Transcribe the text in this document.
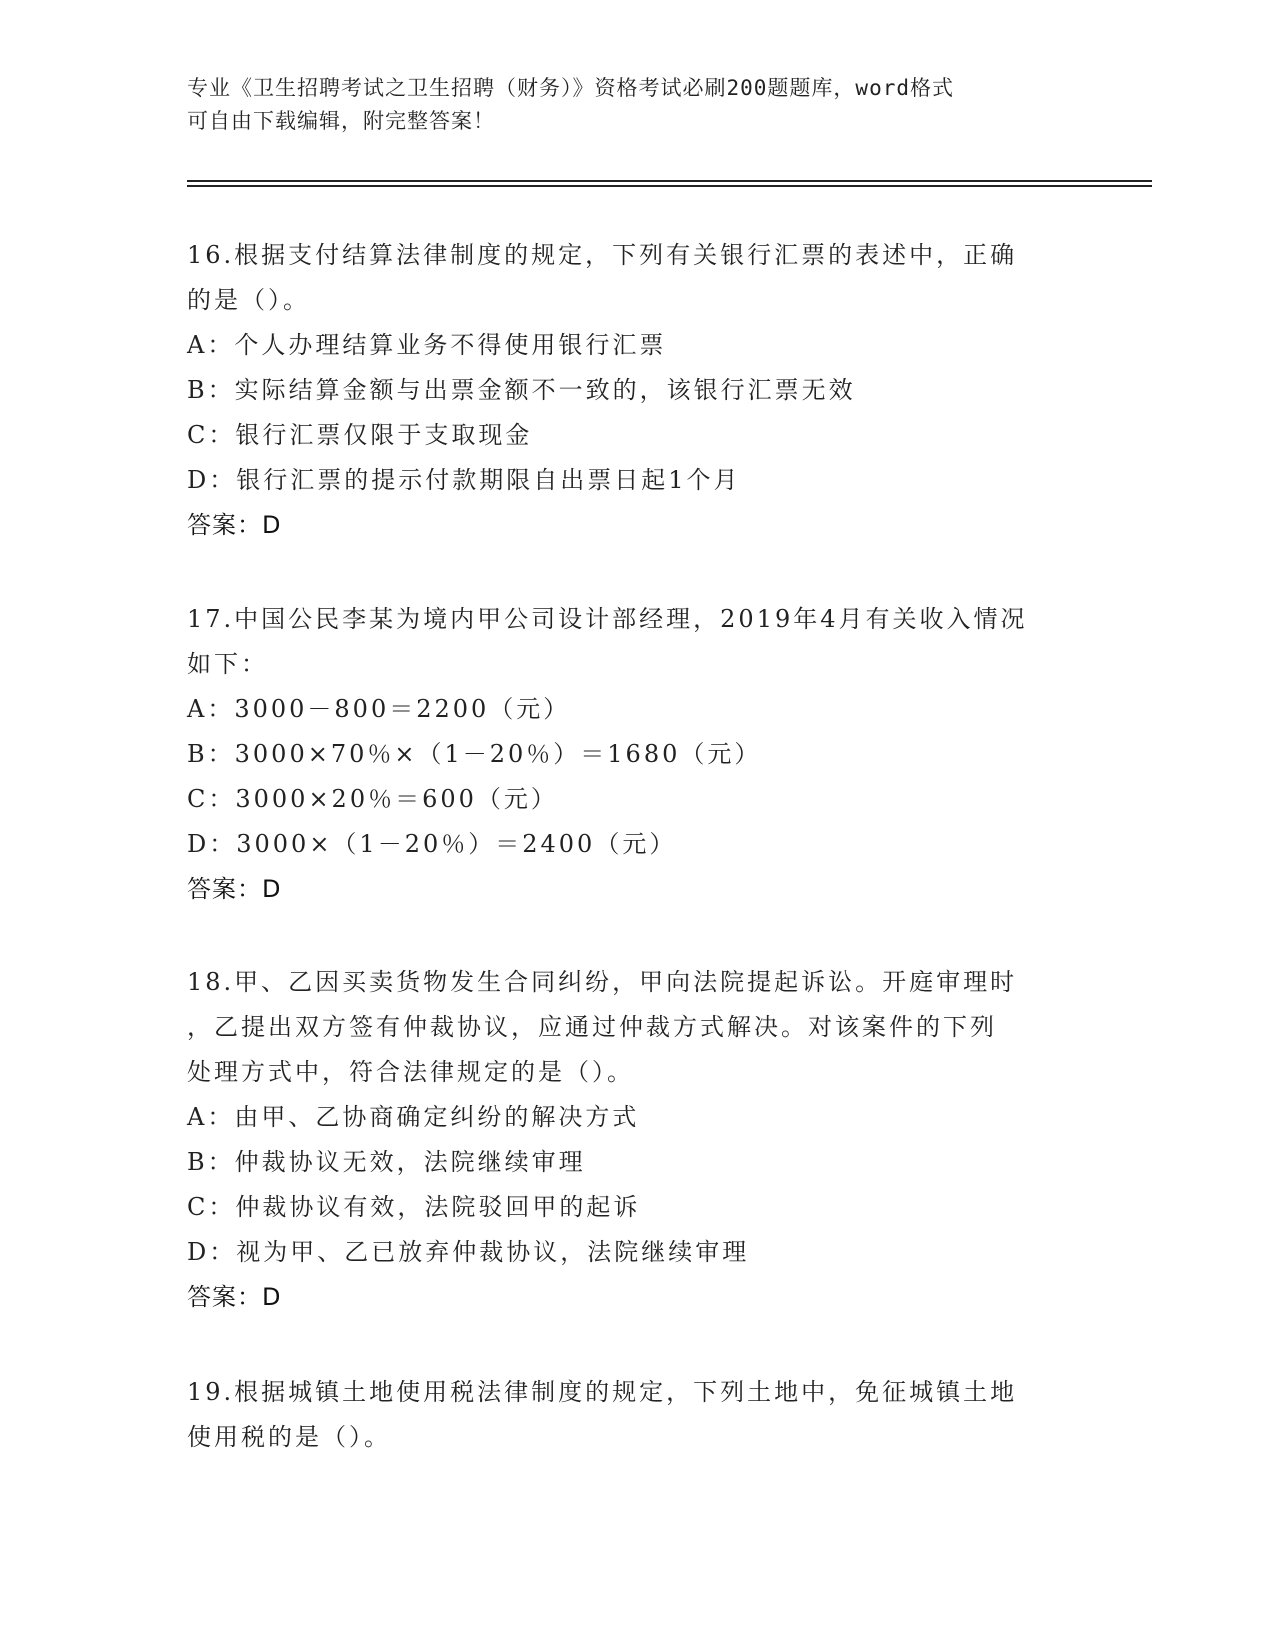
专业《卫生招聘考试之卫生招聘（财务）》资格考试必刷200题题库，word格式
可自由下载编辑，附完整答案！
16.根据支付结算法律制度的规定，下列有关银行汇票的表述中，正确
的是（）。
A：个人办理结算业务不得使用银行汇票
B：实际结算金额与出票金额不一致的，该银行汇票无效
C：银行汇票仅限于支取现金
D：银行汇票的提示付款期限自出票日起1个月
答案：D
17.中国公民李某为境内甲公司设计部经理，2019年4月有关收入情况
如下：
A：3000－800＝2200（元）
B：3000×70％×（1－20％）＝1680（元）
C：3000×20％＝600（元）
D：3000×（1－20％）＝2400（元）
答案：D
18.甲、乙因买卖货物发生合同纠纷，甲向法院提起诉讼。开庭审理时
，乙提出双方签有仲裁协议，应通过仲裁方式解决。对该案件的下列
处理方式中，符合法律规定的是（）。
A：由甲、乙协商确定纠纷的解决方式
B：仲裁协议无效，法院继续审理
C：仲裁协议有效，法院驳回甲的起诉
D：视为甲、乙已放弃仲裁协议，法院继续审理
答案：D
19.根据城镇土地使用税法律制度的规定，下列土地中，免征城镇土地
使用税的是（）。
